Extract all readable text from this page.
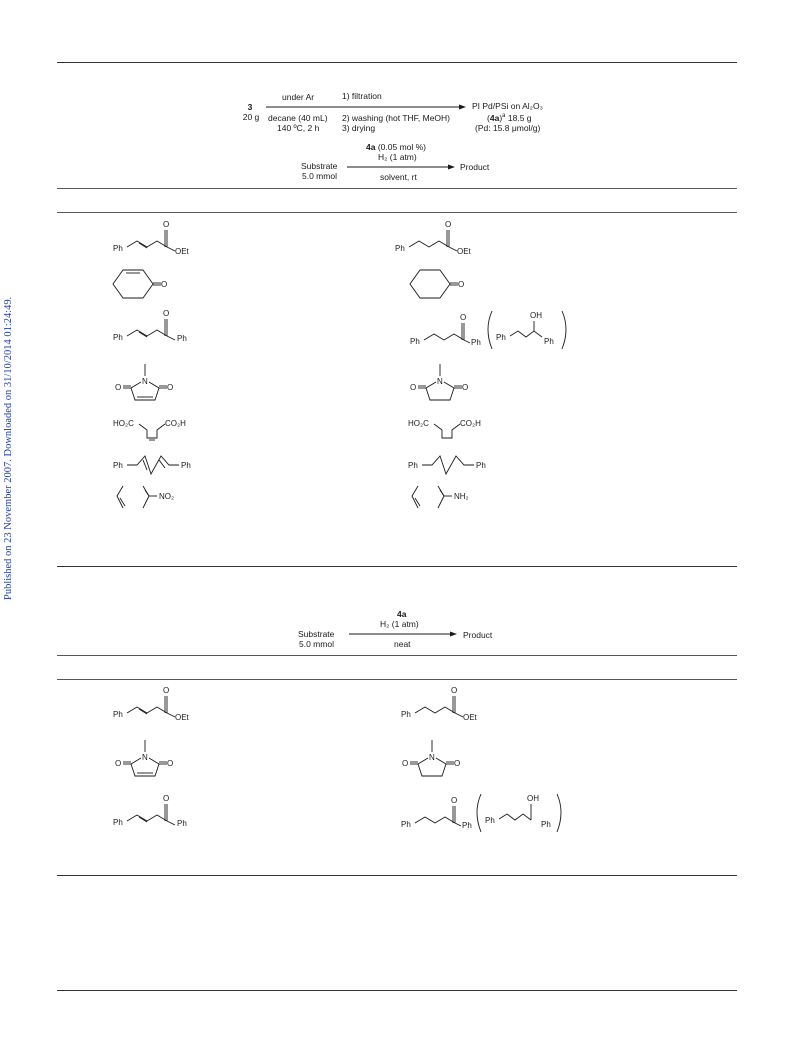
Published on 23 November 2007. Downloaded on 31/10/2014 01:24:49.
3
20 g
under Ar
decane (40 mL)
140 ºC, 2 h
1) filtration
2) washing (hot THF, MeOH)
3) drying
PI Pd/PSi on Al₂O₃
$(4a)^a$ 18.5 g
(Pd: 15.8 μmol/g)
4a (0.05 mol %)
H₂ (1 atm)
Substrate
5.0 mmol	solvent, rt
Product
Ph
O
OEt
O
Ph
O
Ph
N
O	O
HO₂C	CO₂H
Ph	Ph
NO₂
Ph
O
OEt
O
Ph
O
Ph
Ph
OH
Ph
N
O	O
HO₂C	CO₂H
Ph	Ph
NH₂
4a
H₂ (1 atm)
Substrate
5.0 mmol	neat
Product
Ph
O
OEt
N
O	O
Ph
O
Ph
Ph
O
OEt
N
O	O
Ph
O
Ph
Ph
OH
Ph
